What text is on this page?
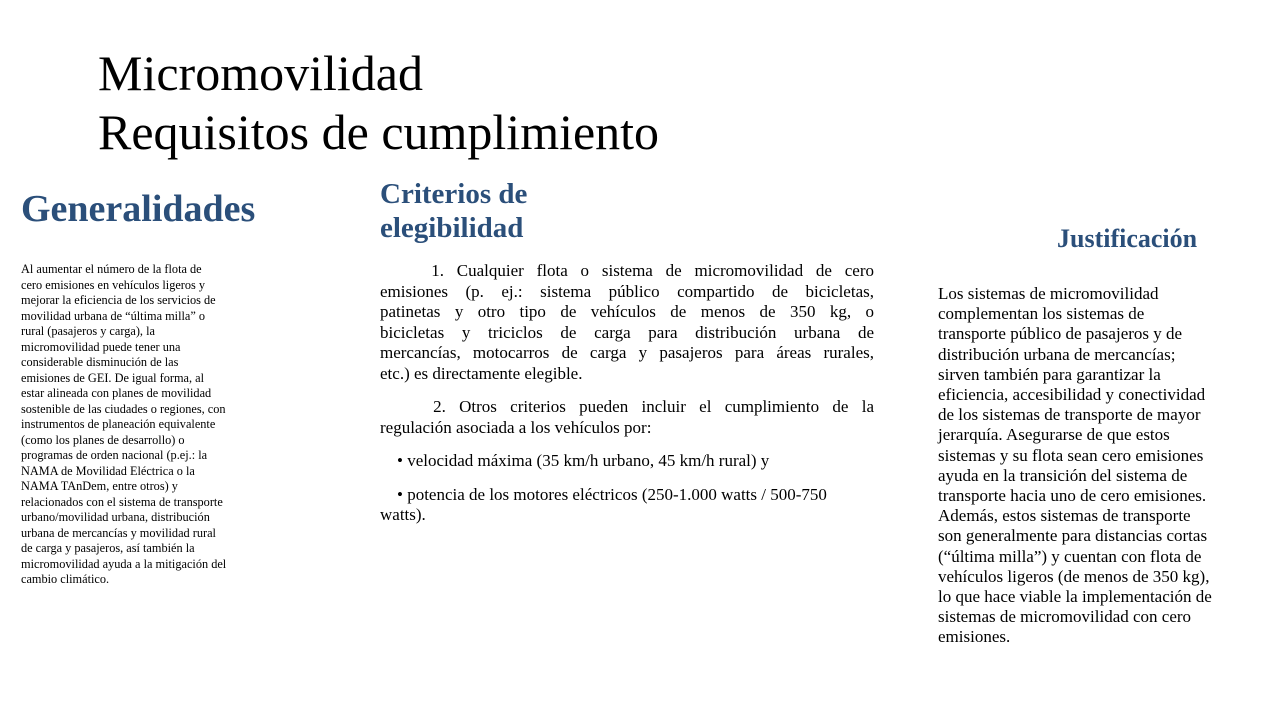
Micromovilidad
Requisitos de cumplimiento
Generalidades
Al aumentar el número de la flota de
cero emisiones en vehículos ligeros y
mejorar la eficiencia de los servicios de
movilidad urbana de “última milla” o
rural (pasajeros y carga), la
micromovilidad puede tener una
considerable disminución de las
emisiones de GEI. De igual forma, al
estar alineada con planes de movilidad
sostenible de las ciudades o regiones, con
instrumentos de planeación equivalente
(como los planes de desarrollo) o
programas de orden nacional (p.ej.: la
NAMA de Movilidad Eléctrica o la
NAMA TAnDem, entre otros) y
relacionados con el sistema de transporte
urbano/movilidad urbana, distribución
urbana de mercancías y movilidad rural
de carga y pasajeros, así también la
micromovilidad ayuda a la mitigación del
cambio climático.
Criterios de
elegibilidad

1. Cualquier flota o sistema de micromovilidad de cero
emisiones (p. ej.: sistema público compartido de bicicletas,
patinetas y otro tipo de vehículos de menos de 350 kg, o
bicicletas y triciclos de carga para distribución urbana de
mercancías, motocarros de carga y pasajeros para áreas rurales,
etc.) es directamente elegible.

2. Otros criterios pueden incluir el cumplimiento de la
regulación asociada a los vehículos por:

• velocidad máxima (35 km/h urbano, 45 km/h rural) y

• potencia de los motores eléctricos (250-1.000 watts / 500-750
watts).

Justificación
Los sistemas de micromovilidad
complementan los sistemas de
transporte público de pasajeros y de
distribución urbana de mercancías;
sirven también para garantizar la
eficiencia, accesibilidad y conectividad
de los sistemas de transporte de mayor
jerarquía. Asegurarse de que estos
sistemas y su flota sean cero emisiones
ayuda en la transición del sistema de
transporte hacia uno de cero emisiones.
Además, estos sistemas de transporte
son generalmente para distancias cortas
(“última milla”) y cuentan con flota de
vehículos ligeros (de menos de 350 kg),
lo que hace viable la implementación de
sistemas de micromovilidad con cero
emisiones.
